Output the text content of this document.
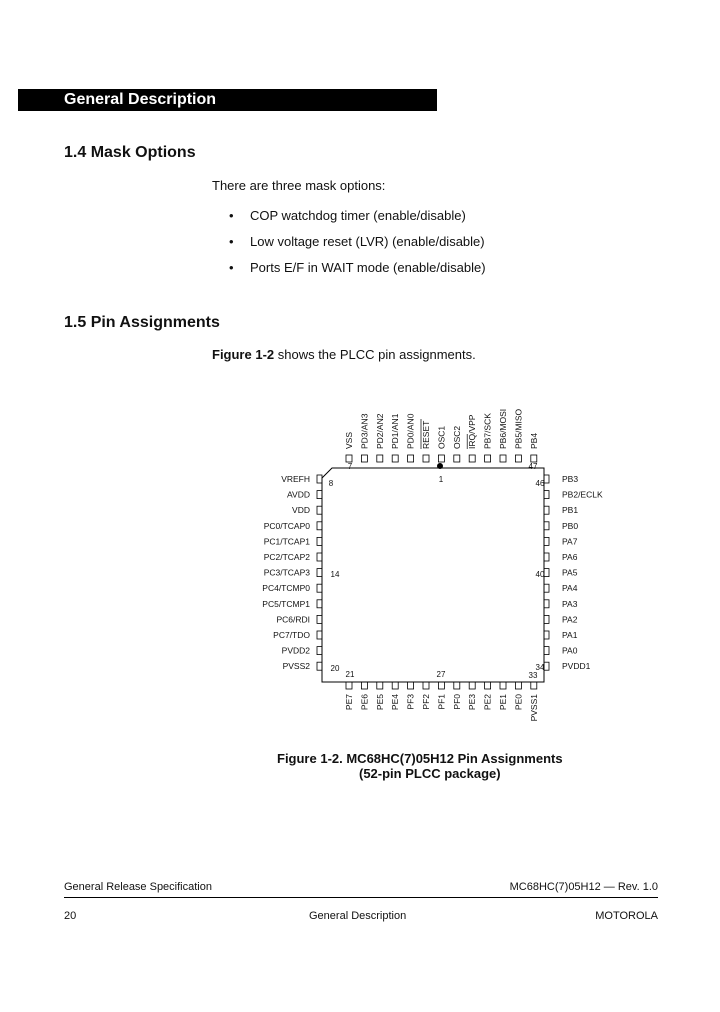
General Description
1.4 Mask Options
There are three mask options:
• COP watchdog timer (enable/disable)
• Low voltage reset (LVR) (enable/disable)
• Ports E/F in WAIT mode (enable/disable)
1.5 Pin Assignments
Figure 1-2 shows the PLCC pin assignments.
VSS PD3/AN3 PD2/AN2 PD1/AN1 PD0/AN0 RESET OSC1 OSC2 IRQ/VPP PB7/SCK PB6/MOSI PB5/MISO PB4
VREFH
AVDD
VDD
PC0/TCAP0
PC1/TCAP1
PC2/TCAP2
PC3/TCAP3
PC4/TCMP0
PC5/TCMP1
PC6/RDI
PC7/TDO
PVDD2
PVSS2
PB3
PB2/ECLK
PB1
PB0
PA7
PA6
PA5
PA4
PA3
PA2
PA1
PA0
PVDD1
PE7 PE6 PE5 PE4 PF3 PF2 PF1 PF0 PE3 PE2 PE1 PE0 PVSS1
7
1
47
8	46
14	40
20
21	27	33
34
Figure 1-2. MC68HC(7)05H12 Pin Assignments
(52-pin PLCC package)
General Release Specification	MC68HC(7)05H12 — Rev. 1.0
20	General Description	MOTOROLA
